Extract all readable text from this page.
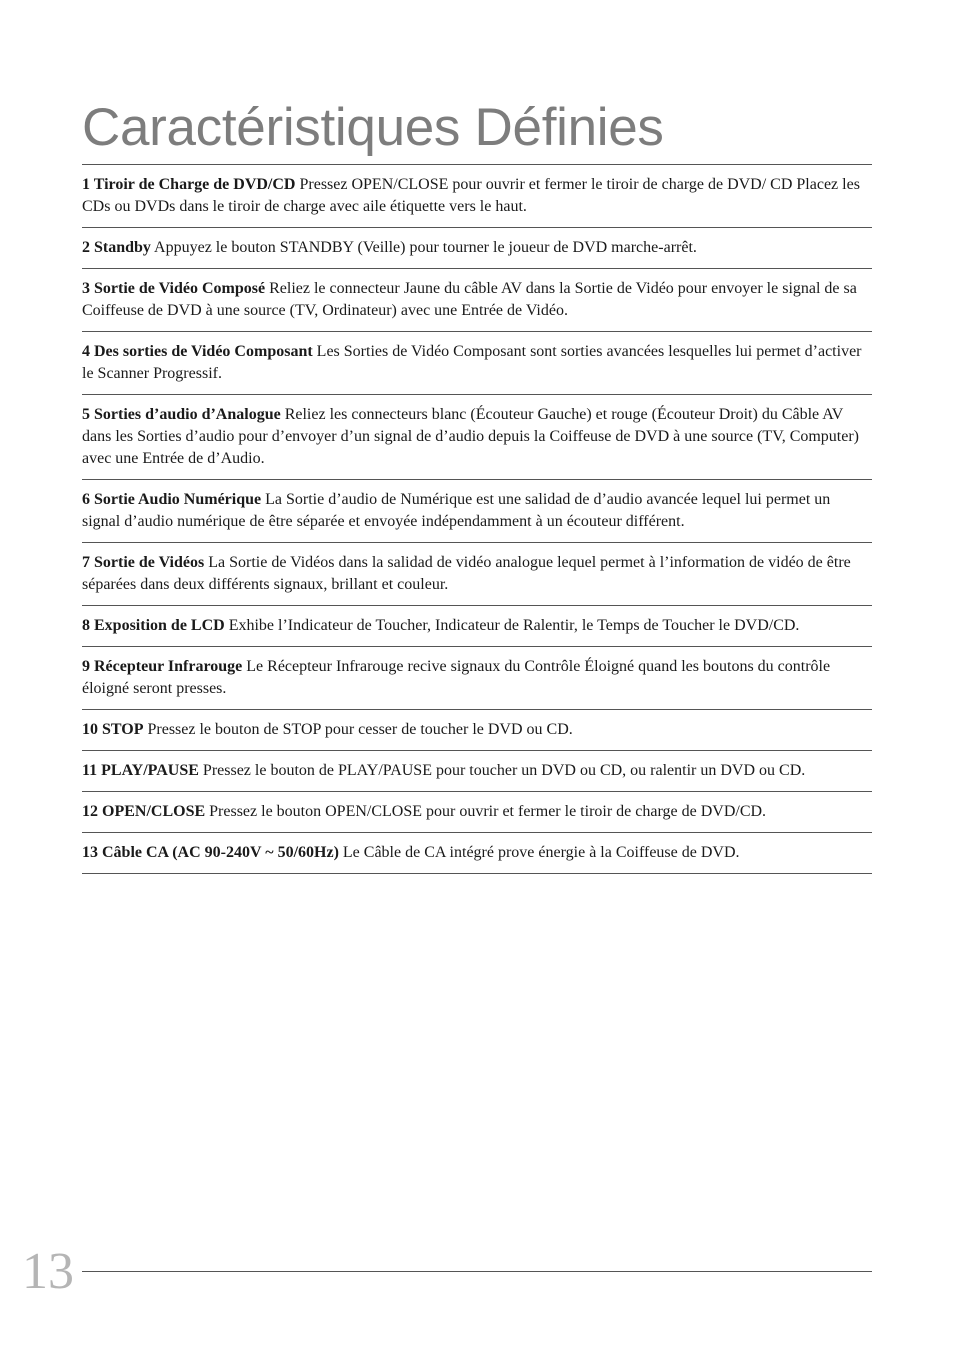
Caractéristiques Définies

1 Tiroir de Charge de DVD/CD Pressez OPEN/CLOSE pour ouvrir et fermer le tiroir de charge de DVD/ CD Placez les CDs ou DVDs dans le tiroir de charge avec aile étiquette vers le haut.

2 Standby Appuyez le bouton STANDBY (Veille) pour tourner le joueur de DVD marche-arrêt.

3 Sortie de Vidéo Composé Reliez le connecteur Jaune du câble AV dans la Sortie de Vidéo pour envoyer le signal de sa Coiffeuse de DVD à une source (TV, Ordinateur) avec une Entrée de Vidéo.

4 Des sorties de Vidéo Composant Les Sorties de Vidéo Composant sont sorties avancées lesquelles lui permet d’activer le Scanner Progressif.

5 Sorties d’audio d’Analogue Reliez les connecteurs blanc (Écouteur Gauche) et rouge (Écouteur Droit) du Câble AV dans les Sorties d’audio pour d’envoyer d’un signal de d’audio depuis la Coiffeuse de DVD à une source (TV, Computer) avec une Entrée de d’Audio.

6 Sortie Audio Numérique La Sortie d’audio de Numérique est une salidad de d’audio avancée lequel lui permet un signal d’audio numérique de être séparée et envoyée indépendamment à un écouteur différent.

7 Sortie de Vidéos La Sortie de Vidéos dans la salidad de vidéo analogue lequel permet à l’information de vidéo de être séparées dans deux différents signaux, brillant et couleur.

8 Exposition de LCD Exhibe l’Indicateur de Toucher, Indicateur de Ralentir, le Temps de Toucher le DVD/CD.

9 Récepteur Infrarouge Le Récepteur Infrarouge recive signaux du Contrôle Éloigné quand les boutons du contrôle éloigné seront presses.

10 STOP Pressez le bouton de STOP pour cesser de toucher le DVD ou CD.

11 PLAY/PAUSE Pressez le bouton de PLAY/PAUSE pour toucher un DVD ou CD, ou ralentir un DVD ou CD.

12 OPEN/CLOSE Pressez le bouton OPEN/CLOSE pour ouvrir et fermer le tiroir de charge de DVD/CD.

13 Câble CA (AC 90-240V ~ 50/60Hz) Le Câble de CA intégré prove énergie à la Coiffeuse de DVD.

13
